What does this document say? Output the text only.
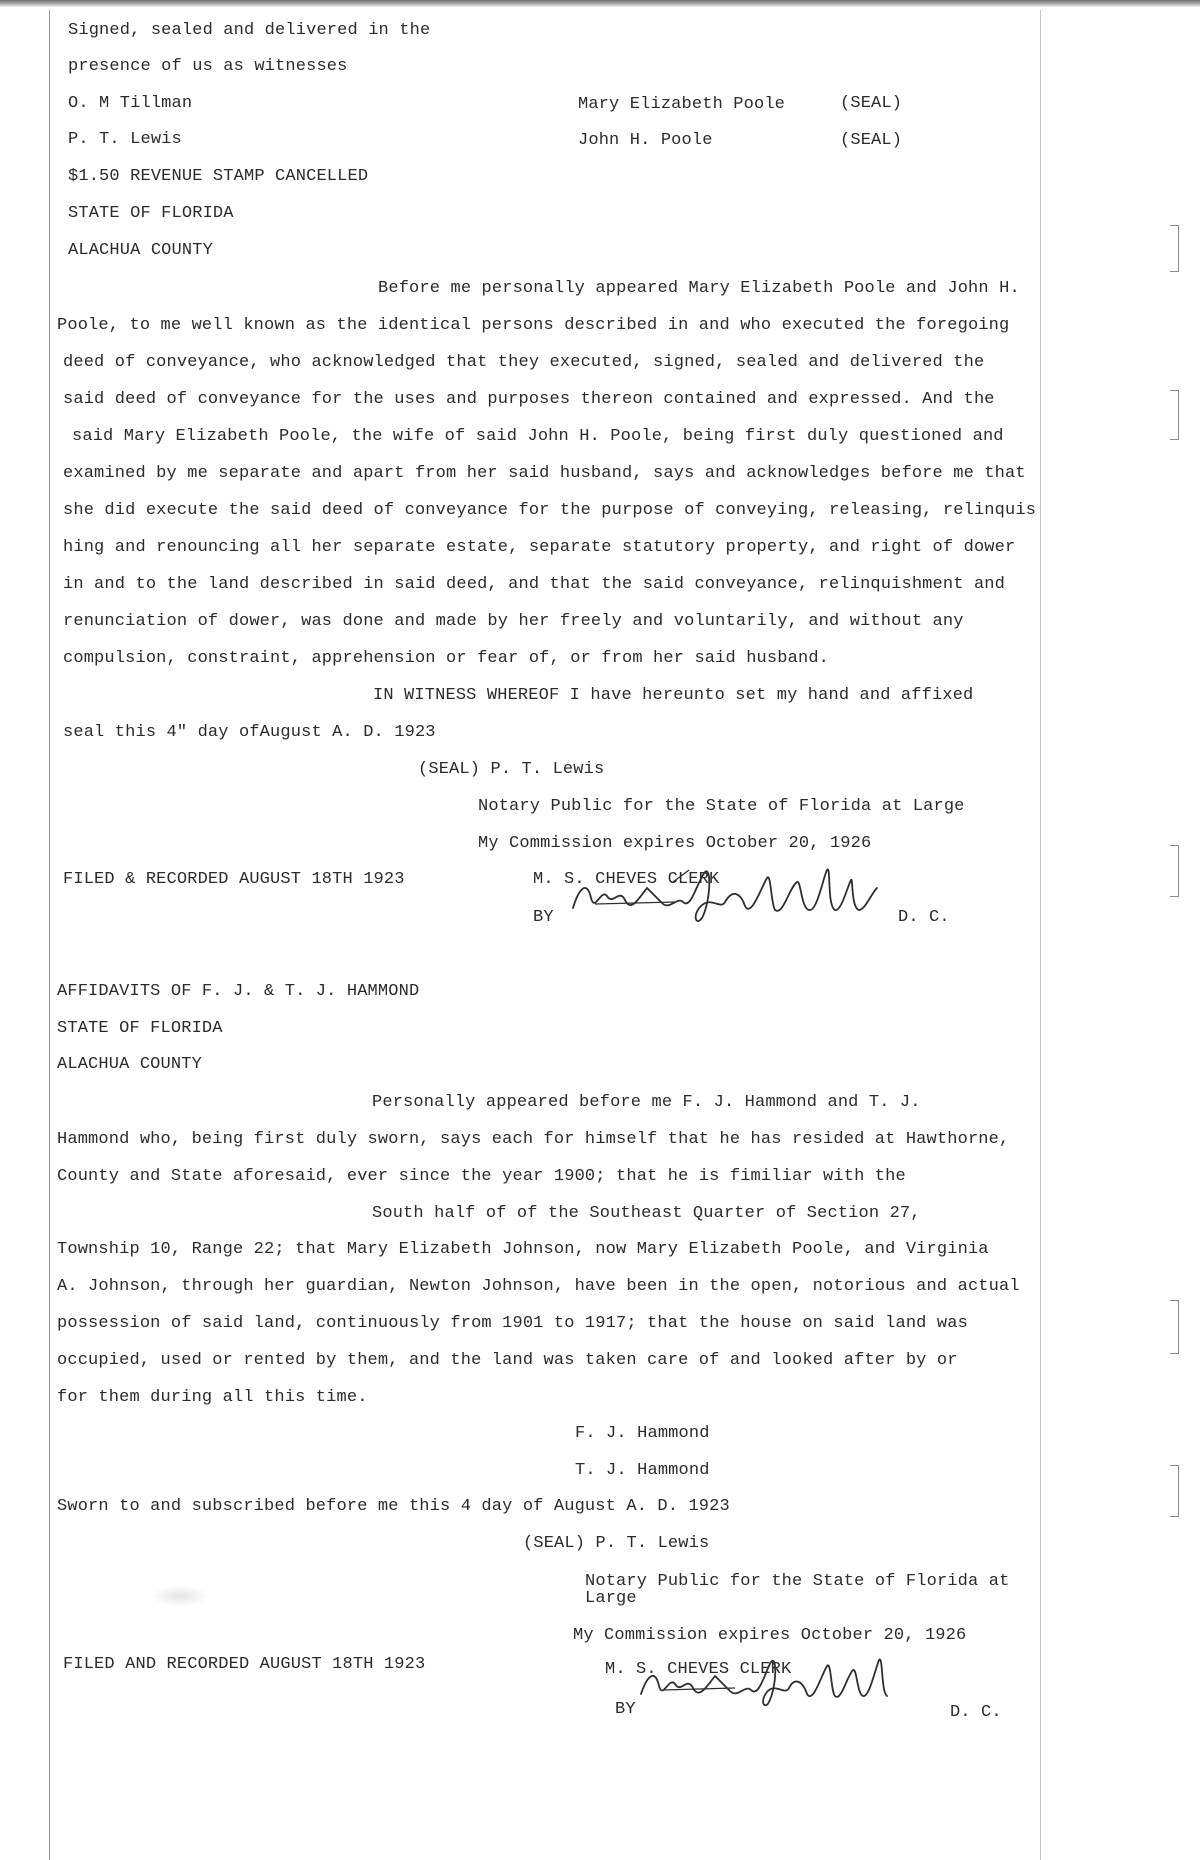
Signed, sealed and delivered in the
presence of us as witnesses
O. M Tillman	Mary Elizabeth Poole	(SEAL)
P. T. Lewis	John H. Poole	(SEAL)
$1.50 REVENUE STAMP CANCELLED
STATE OF FLORIDA
ALACHUA COUNTY
Before me personally appeared Mary Elizabeth Poole and John H.
Poole, to me well known as the identical persons described in and who executed the foregoing
deed of conveyance, who acknowledged that they executed, signed, sealed and delivered the
said deed of conveyance for the uses and purposes thereon contained and expressed. And the
said Mary Elizabeth Poole, the wife of said John H. Poole, being first duly questioned and
examined by me separate and apart from her said husband, says and acknowledges before me that
she did execute the said deed of conveyance for the purpose of conveying, releasing, relinquis
hing and renouncing all her separate estate, separate statutory property, and right of dower
in and to the land described in said deed, and that the said conveyance, relinquishment and
renunciation of dower, was done and made by her freely and voluntarily, and without any
compulsion, constraint, apprehension or fear of, or from her said husband.
IN WITNESS WHEREOF I have hereunto set my hand and affixed
seal this 4" day ofAugust A. D. 1923
(SEAL) P. T. Lewis
Notary Public for the State of Florida at Large
My Commission expires October 20, 1926
FILED & RECORDED AUGUST 18TH 1923	M. S. CHEVES CLERK
BY	D. C.
AFFIDAVITS OF F. J. & T. J. HAMMOND
STATE OF FLORIDA
ALACHUA COUNTY
Personally appeared before me F. J. Hammond and T. J.
Hammond who, being first duly sworn, says each for himself that he has resided at Hawthorne,
County and State aforesaid, ever since the year 1900; that he is fimiliar with the
South half of of the Southeast Quarter of Section 27,
Township 10, Range 22; that Mary Elizabeth Johnson, now Mary Elizabeth Poole, and Virginia
A. Johnson, through her guardian, Newton Johnson, have been in the open, notorious and actual
possession of said land, continuously from 1901 to 1917; that the house on said land was
occupied, used or rented by them, and the land was taken care of and looked after by or
for them during all this time.
F. J. Hammond
T. J. Hammond
Sworn to and subscribed before me this 4 day of August A. D. 1923
(SEAL) P. T. Lewis
Notary Public for the State of Florida at
Large
My Commission expires October 20, 1926
FILED AND RECORDED AUGUST 18TH 1923	M. S. CHEVES CLERK
BY	D. C.
